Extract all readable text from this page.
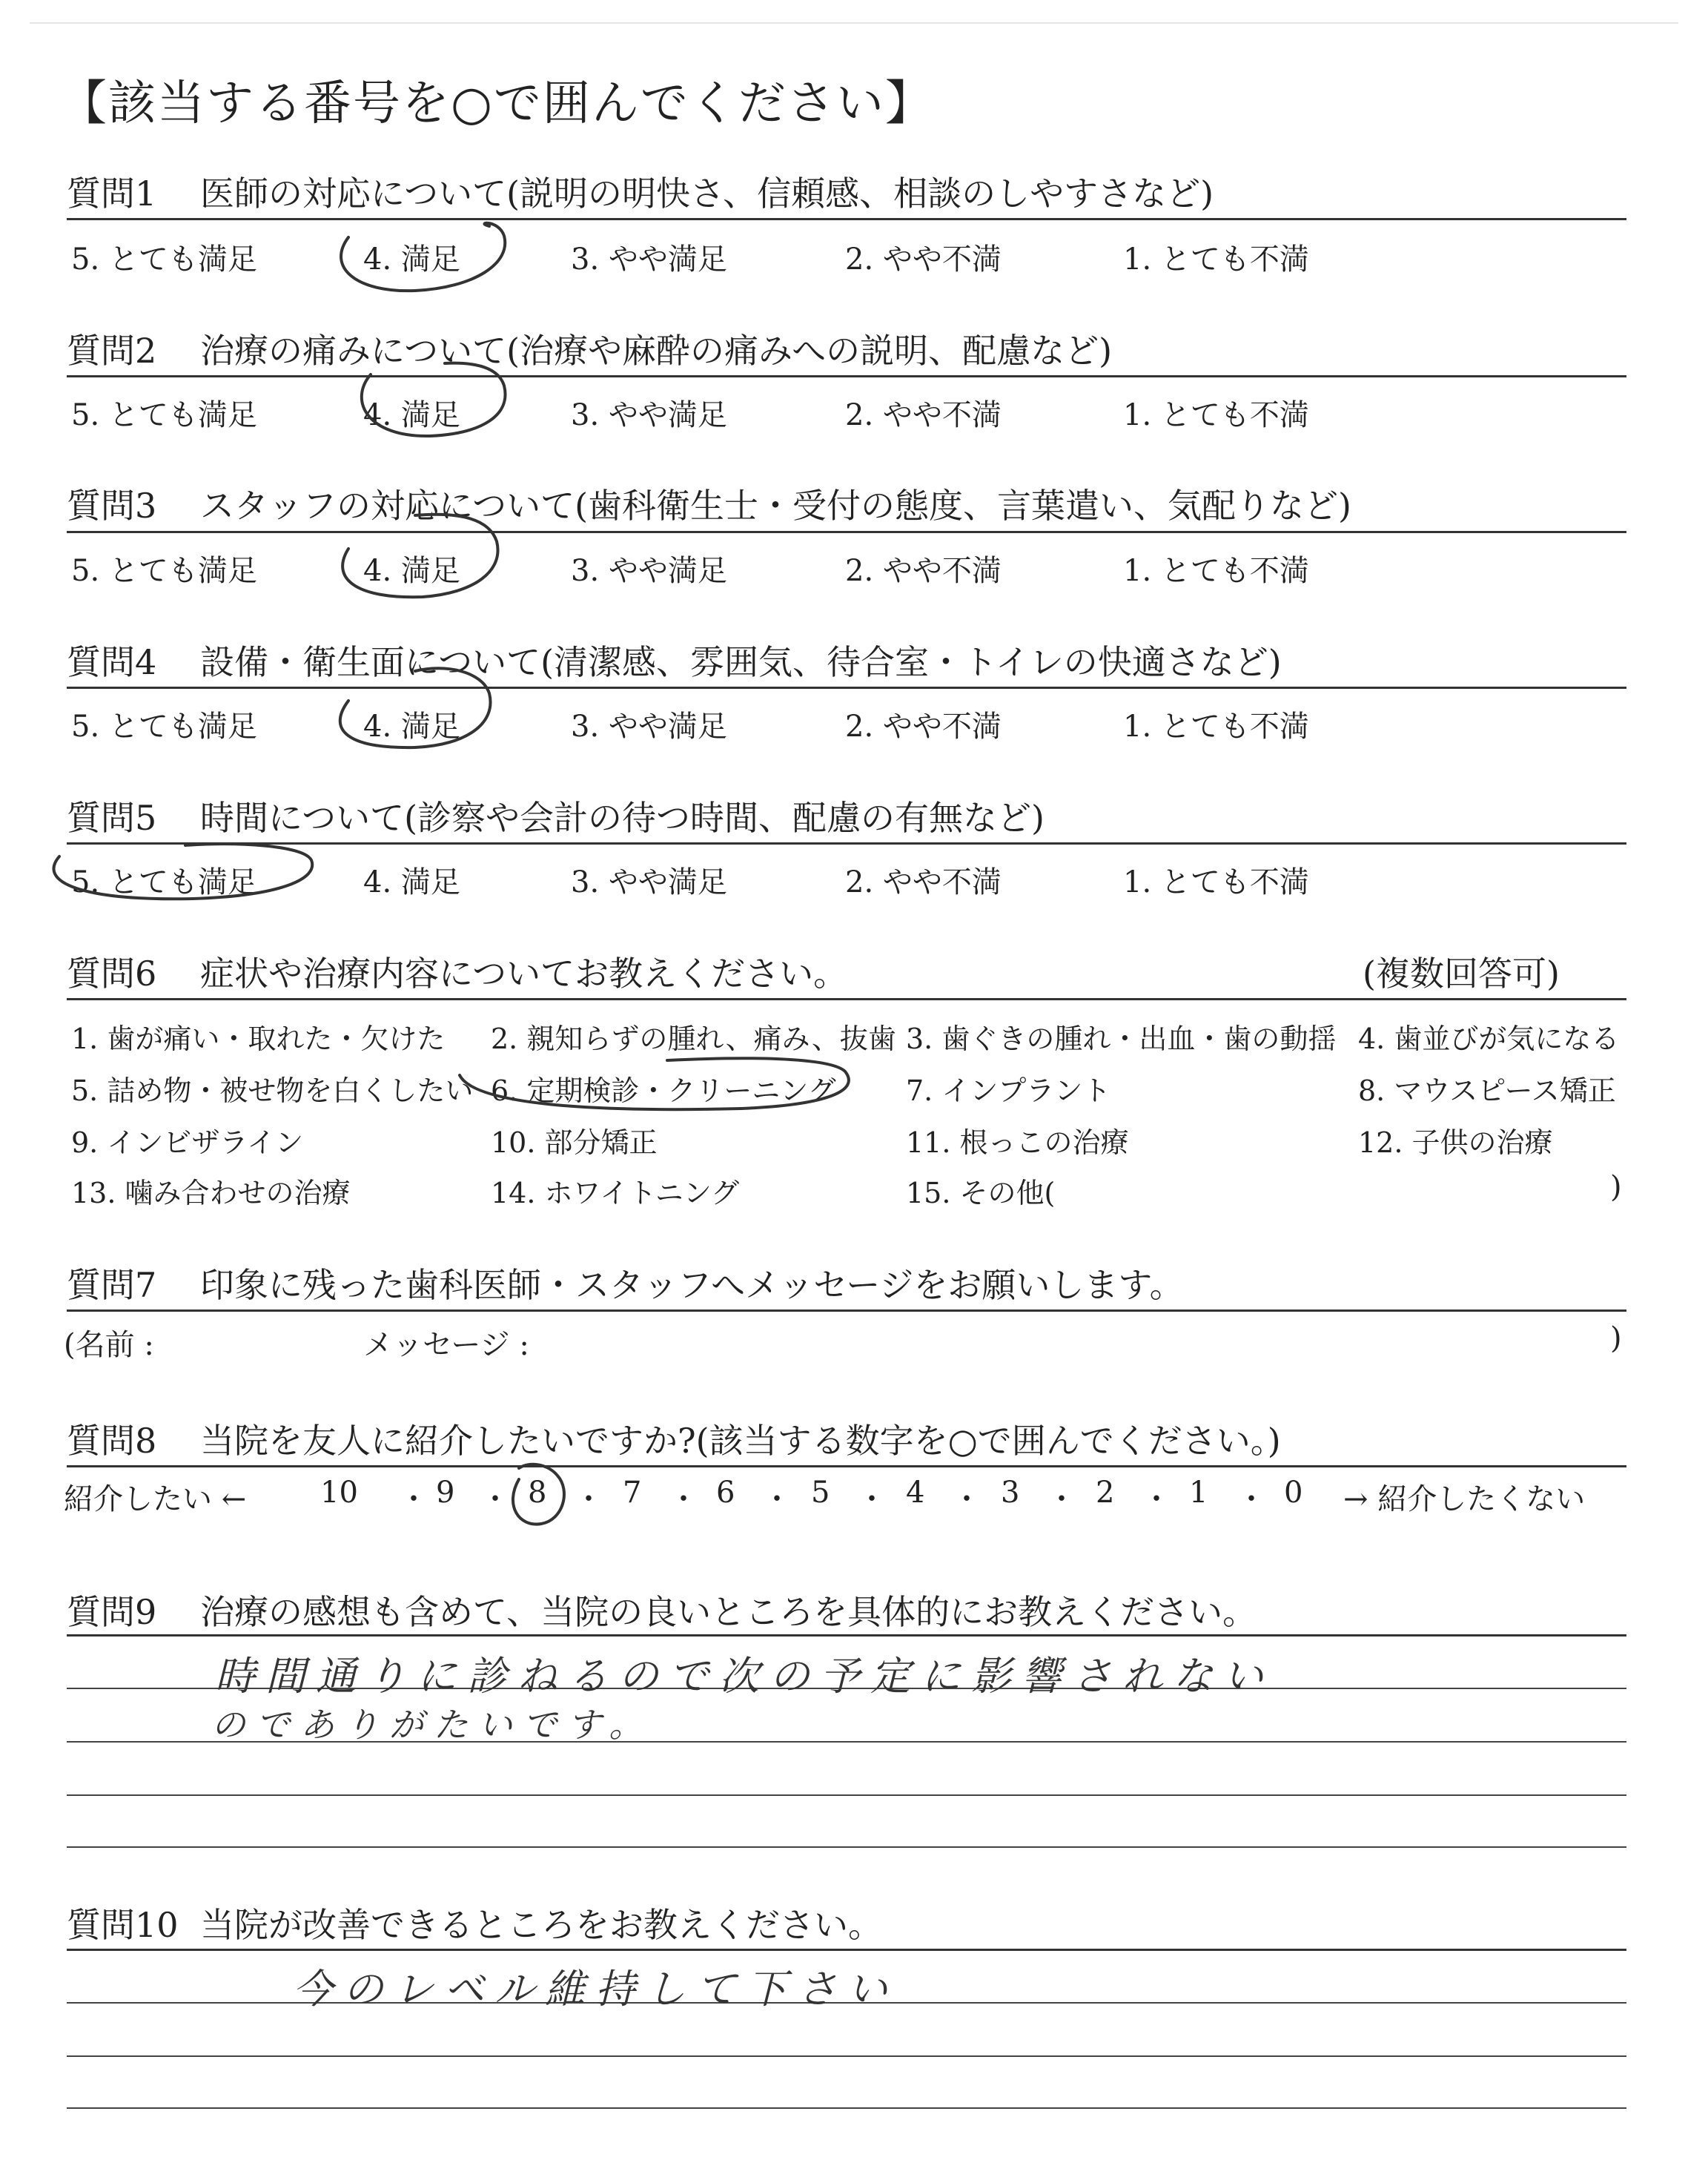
【該当する番号を○で囲んでください】
質問1 医師の対応について(説明の明快さ、信頼感、相談のしやすさなど)
5. とても満足	4. 満足	3. やや満足	2. やや不満	1. とても不満
質問2 治療の痛みについて(治療や麻酔の痛みへの説明、配慮など)
5. とても満足	4. 満足	3. やや満足	2. やや不満	1. とても不満
質問3 スタッフの対応について(歯科衛生士・受付の態度、言葉遣い、気配りなど)
5. とても満足	4. 満足	3. やや満足	2. やや不満	1. とても不満
質問4 設備・衛生面について(清潔感、雰囲気、待合室・トイレの快適さなど)
5. とても満足	4. 満足	3. やや満足	2. やや不満	1. とても不満
質問5 時間について(診察や会計の待つ時間、配慮の有無など)
5. とても満足	4. 満足	3. やや満足	2. やや不満	1. とても不満
質問6 症状や治療内容についてお教えください。	(複数回答可)
1. 歯が痛い・取れた・欠けた 2. 親知らずの腫れ、痛み、抜歯 3. 歯ぐきの腫れ・出血・歯の動揺 4. 歯並びが気になる
5. 詰め物・被せ物を白くしたい 6. 定期検診・クリーニング 7. インプラント	8. マウスピース矯正
9. インビザライン	10. 部分矯正	11. 根っこの治療	12. 子供の治療
13. 噛み合わせの治療	14. ホワイトニング	15. その他(	)
質問7 印象に残った歯科医師・スタッフへメッセージをお願いします。
(名前 :	メッセージ :	)
質問8 当院を友人に紹介したいですか?(該当する数字を○で囲んでください。)
紹介したい ← 10 ・ 9 ・ 8 ・ 7 ・ 6 ・ 5 ・ 4 ・ 3 ・ 2 ・ 1 ・ 0 → 紹介したくない
質問9 治療の感想も含めて、当院の良いところを具体的にお教えください。
時間通りに診ねるので次の予定に影響されない
のでありがたいです。
質問10 当院が改善できるところをお教えください。
今のレベル維持して下さい
